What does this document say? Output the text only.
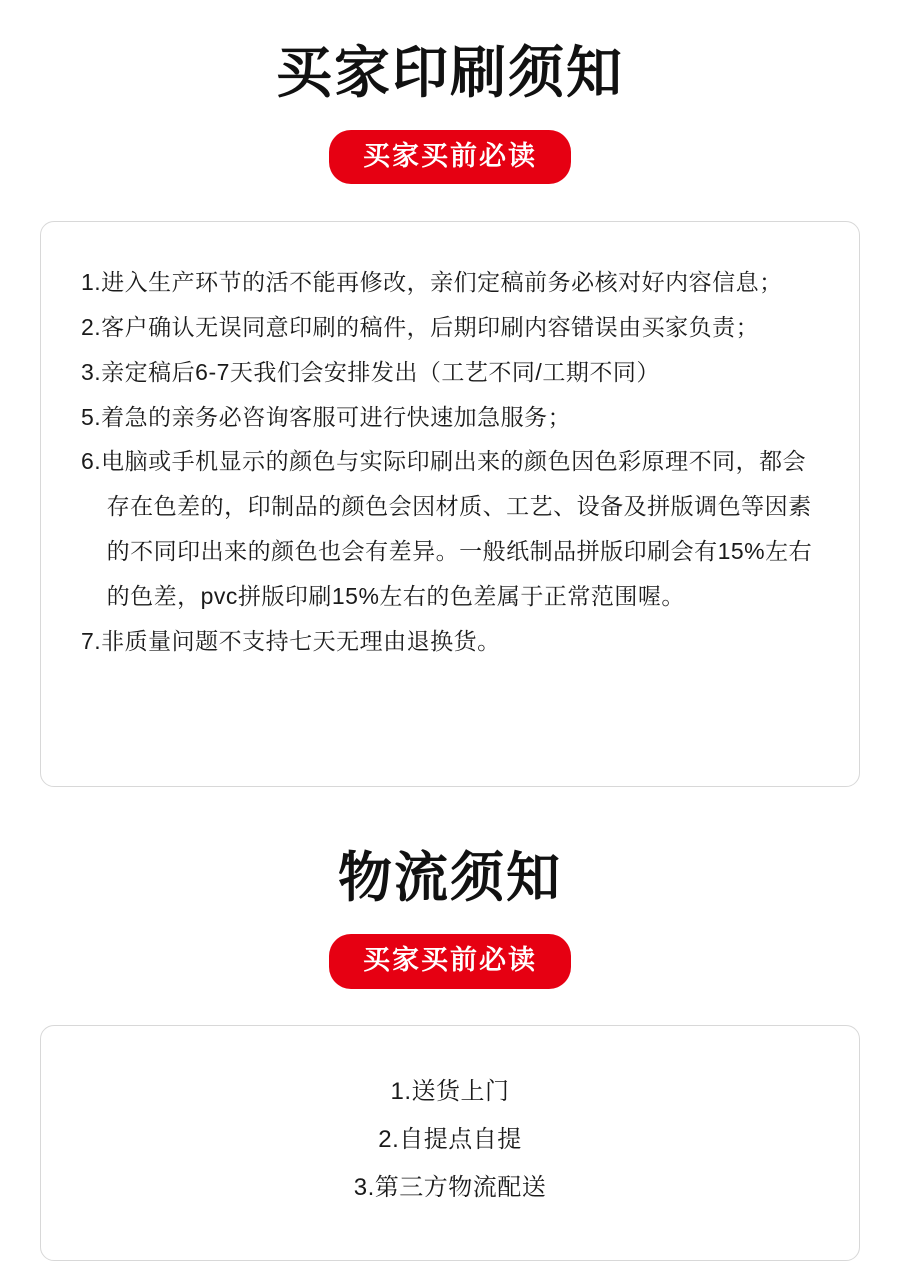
买家印刷须知
买家买前必读
1.进入生产环节的活不能再修改，亲们定稿前务必核对好内容信息；
2.客户确认无误同意印刷的稿件，后期印刷内容错误由买家负责；
3.亲定稿后6-7天我们会安排发出（工艺不同/工期不同）
5.着急的亲务必咨询客服可进行快速加急服务；
6.电脑或手机显示的颜色与实际印刷出来的颜色因色彩原理不同，都会
存在色差的，印制品的颜色会因材质、工艺、设备及拼版调色等因素
的不同印出来的颜色也会有差异。一般纸制品拼版印刷会有15%左右
的色差，pvc拼版印刷15%左右的色差属于正常范围喔。
7.非质量问题不支持七天无理由退换货。
物流须知
买家买前必读
1.送货上门
2.自提点自提
3.第三方物流配送
